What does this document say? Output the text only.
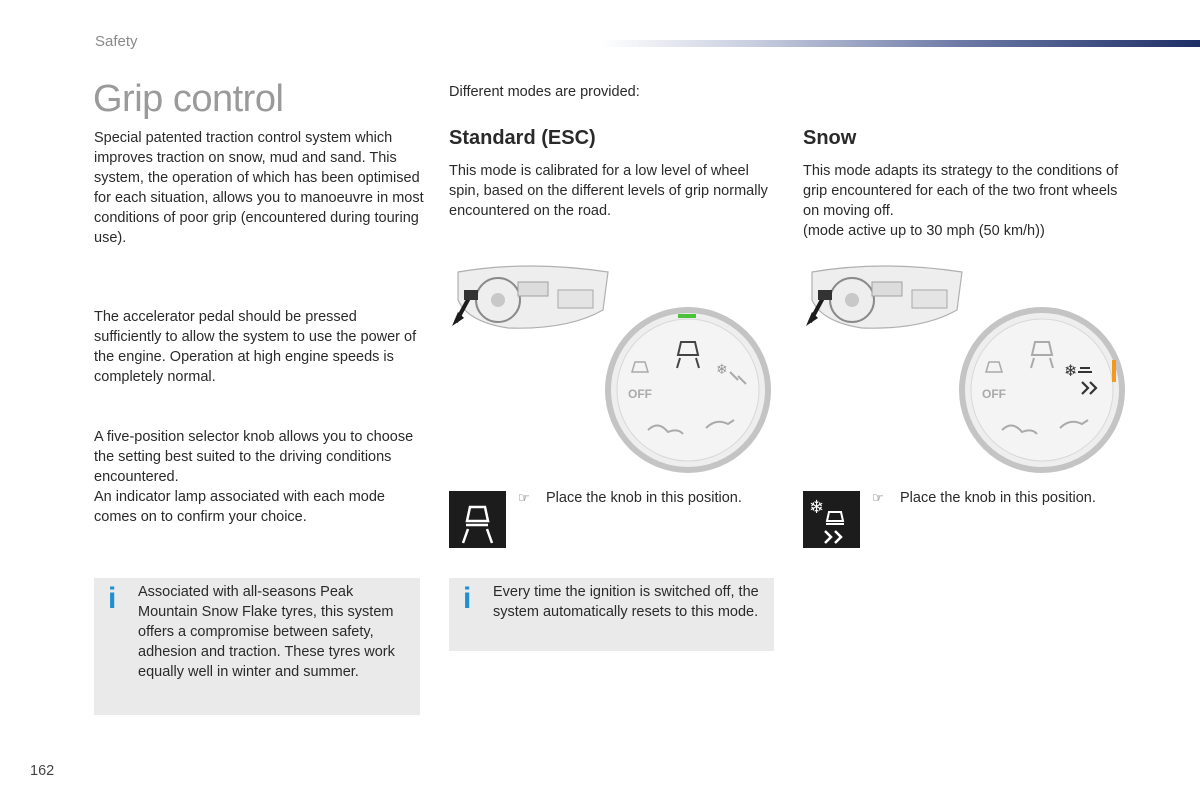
Safety
Grip control
Special patented traction control system which improves traction on snow, mud and sand. This system, the operation of which has been optimised for each situation, allows you to manoeuvre in most conditions of poor grip (encountered during touring use).
The accelerator pedal should be pressed sufficiently to allow the system to use the power of the engine. Operation at high engine speeds is completely normal.
A five-position selector knob allows you to choose the setting best suited to the driving conditions encountered.
An indicator lamp associated with each mode comes on to confirm your choice.
i Associated with all-seasons Peak Mountain Snow Flake tyres, this system offers a compromise between safety, adhesion and traction. These tyres work equally well in winter and summer.
Different modes are provided:
Standard (ESC)
This mode is calibrated for a low level of wheel spin, based on the different levels of grip normally encountered on the road.
❄
OFF
☞ Place the knob in this position.
i Every time the ignition is switched off, the system automatically resets to this mode.
Snow
This mode adapts its strategy to the conditions of grip encountered for each of the two front wheels on moving off.
(mode active up to 30 mph (50 km/h))
❄
OFF
❄	☞ Place the knob in this position.
162
